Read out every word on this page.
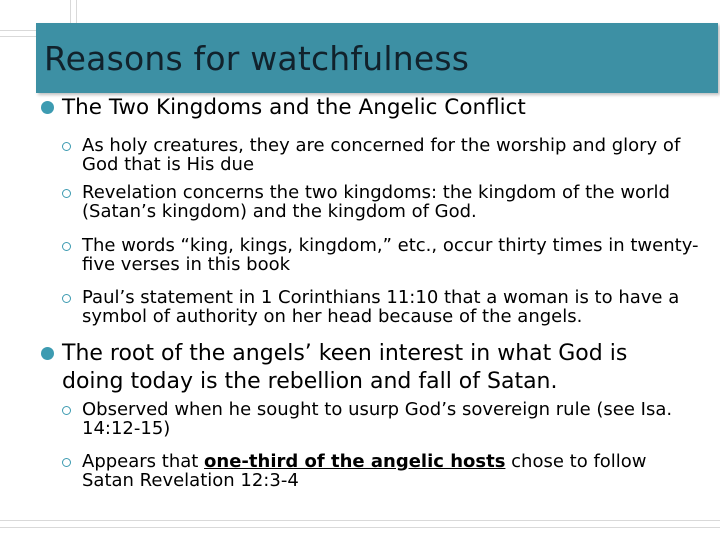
Reasons for watchfulness

The Two Kingdoms and the Angelic Conflict

As holy creatures, they are concerned for the worship and glory of God that is His due

Revelation concerns the two kingdoms: the kingdom of the world (Satan’s kingdom) and the kingdom of God.

The words “king, kings, kingdom,” etc., occur thirty times in twenty-five verses in this book

Paul’s statement in 1 Corinthians 11:10 that a woman is to have a symbol of authority on her head because of the angels.

The root of the angels’ keen interest in what God is doing today is the rebellion and fall of Satan.

Observed when he sought to usurp God’s sovereign rule (see Isa. 14:12-15)

Appears that one-third of the angelic hosts chose to follow Satan Revelation 12:3-4
